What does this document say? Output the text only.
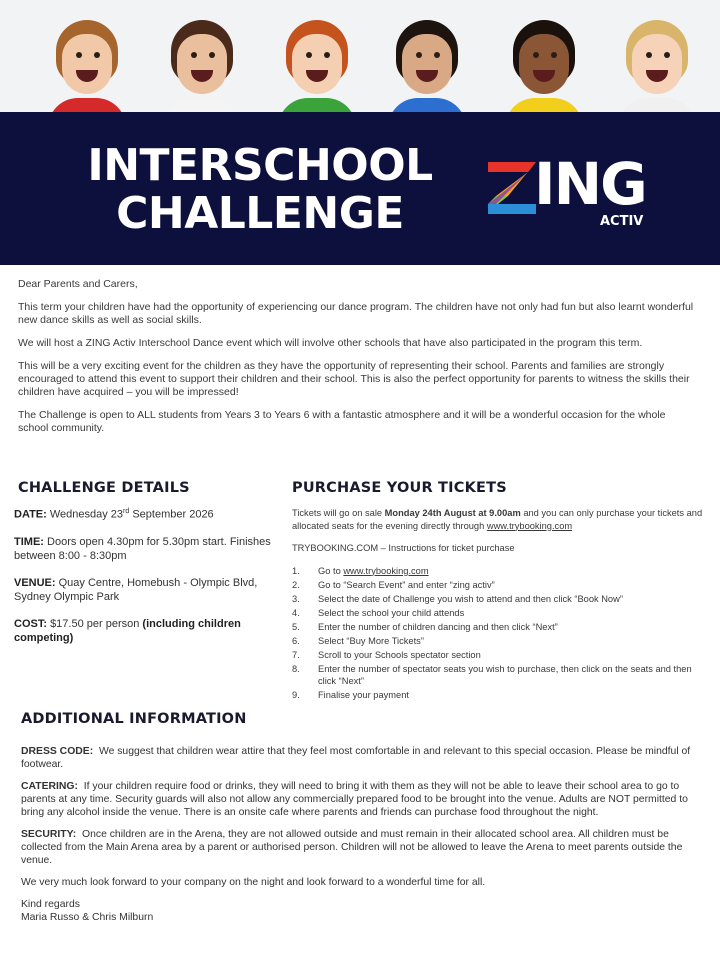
INTERSCHOOL
CHALLENGE	ING
ACTIV

Dear Parents and Carers,

This term your children have had the opportunity of experiencing our dance program. The children have not only had fun but also learnt wonderful new dance skills as well as social skills.

We will host a ZING Activ Interschool Dance event which will involve other schools that have also participated in the program this term.

This will be a very exciting event for the children as they have the opportunity of representing their school. Parents and families are strongly encouraged to attend this event to support their children and their school. This is also the perfect opportunity for parents to witness the skills their children have acquired – you will be impressed!

The Challenge is open to ALL students from Years 3 to Years 6 with a fantastic atmosphere and it will be a wonderful occasion for the whole school community.

CHALLENGE DETAILS
DATE: Wednesday 23rd September 2026
TIME: Doors open 4.30pm for 5.30pm start. Finishes between 8:00 - 8:30pm
VENUE: Quay Centre, Homebush - Olympic Blvd, Sydney Olympic Park
COST: $17.50 per person (including children competing)
PURCHASE YOUR TICKETS

Tickets will go on sale Monday 24th August at 9.00am and you can only purchase your tickets and allocated seats for the evening directly through www.trybooking.com

TRYBOOKING.COM – Instructions for ticket purchase

1.	Go to www.trybooking.com
2.	Go to “Search Event” and enter “zing activ”
3.	Select the date of Challenge you wish to attend and then click “Book Now”
4.	Select the school your child attends
5.	Enter the number of children dancing and then click “Next”
6.	Select “Buy More Tickets”
7.	Scroll to your Schools spectator section
8.	Enter the number of spectator seats you wish to purchase, then click on the seats and then click “Next”
9.	Finalise your payment
ADDITIONAL INFORMATION

DRESS CODE: We suggest that children wear attire that they feel most comfortable in and relevant to this special occasion. Please be mindful of footwear.

CATERING: If your children require food or drinks, they will need to bring it with them as they will not be able to leave their school area to go to parents at any time. Security guards will also not allow any commercially prepared food to be brought into the venue. Adults are NOT permitted to bring any alcohol inside the venue. There is an onsite cafe where parents and friends can purchase food throughout the night.

SECURITY: Once children are in the Arena, they are not allowed outside and must remain in their allocated school area. All children must be collected from the Main Arena area by a parent or authorised person. Children will not be allowed to leave the Arena to meet parents outside the venue.

We very much look forward to your company on the night and look forward to a wonderful time for all.

Kind regards
Maria Russo & Chris Milburn
